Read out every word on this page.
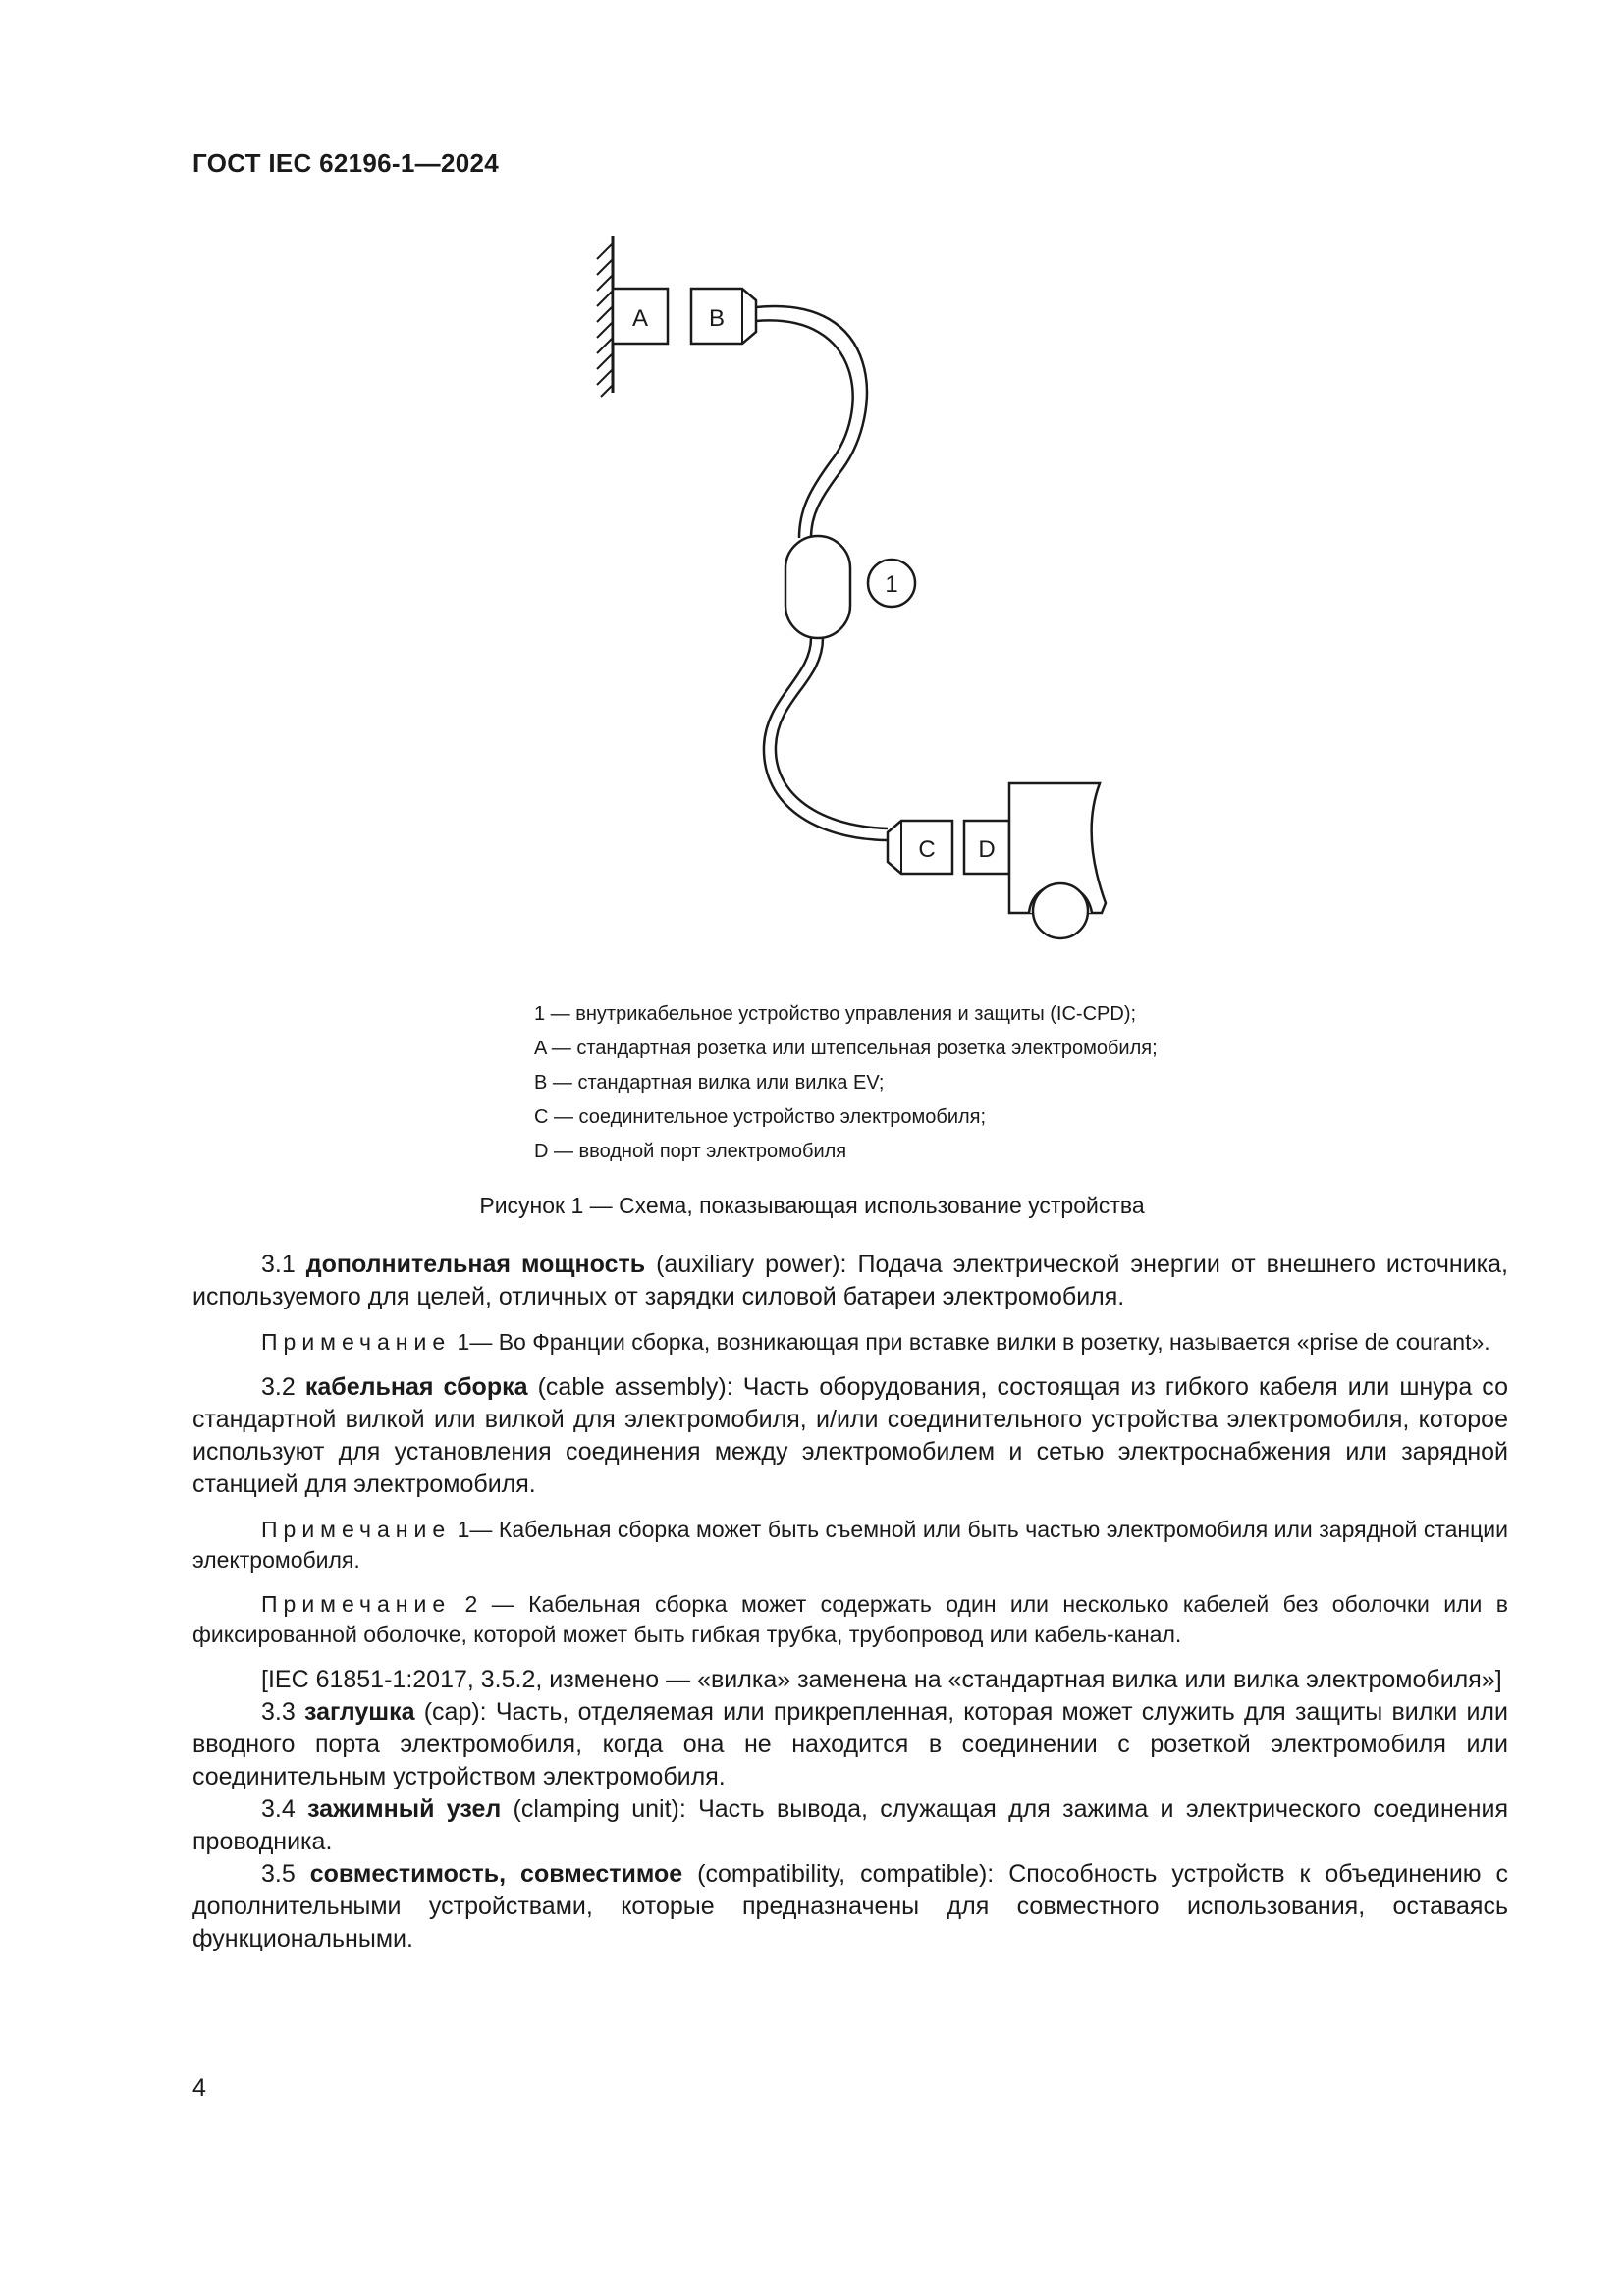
ГОСТ IEC 62196-1—2024
A	B
1
C D
1 — внутрикабельное устройство управления и защиты (IC-CPD);
A — стандартная розетка или штепсельная розетка электромобиля;
B — стандартная вилка или вилка EV;
C — соединительное устройство электромобиля;
D — вводной порт электромобиля
Рисунок 1 — Схема, показывающая использование устройства

3.1 дополнительная мощность (auxiliary power): Подача электрической энергии от внешнего источника, используемого для целей, отличных от зарядки силовой батареи электромобиля.

Примечание 1— Во Франции сборка, возникающая при вставке вилки в розетку, называется «prise de courant».

3.2 кабельная сборка (cable assembly): Часть оборудования, состоящая из гибкого кабеля или шнура со стандартной вилкой или вилкой для электромобиля, и/или соединительного устройства электромобиля, которое используют для установления соединения между электромобилем и сетью электроснабжения или зарядной станцией для электромобиля.

Примечание 1— Кабельная сборка может быть съемной или быть частью электромобиля или зарядной станции электромобиля.

Примечание 2 — Кабельная сборка может содержать один или несколько кабелей без оболочки или в фиксированной оболочке, которой может быть гибкая трубка, трубопровод или кабель-канал.

[IEC 61851-1:2017, 3.5.2, изменено — «вилка» заменена на «стандартная вилка или вилка электромобиля»]

3.3 заглушка (cap): Часть, отделяемая или прикрепленная, которая может служить для защиты вилки или вводного порта электромобиля, когда она не находится в соединении с розеткой электромобиля или соединительным устройством электромобиля.

3.4 зажимный узел (clamping unit): Часть вывода, служащая для зажима и электрического соединения проводника.

3.5 совместимость, совместимое (compatibility, compatible): Способность устройств к объединению с дополнительными устройствами, которые предназначены для совместного использования, оставаясь функциональными.

4
